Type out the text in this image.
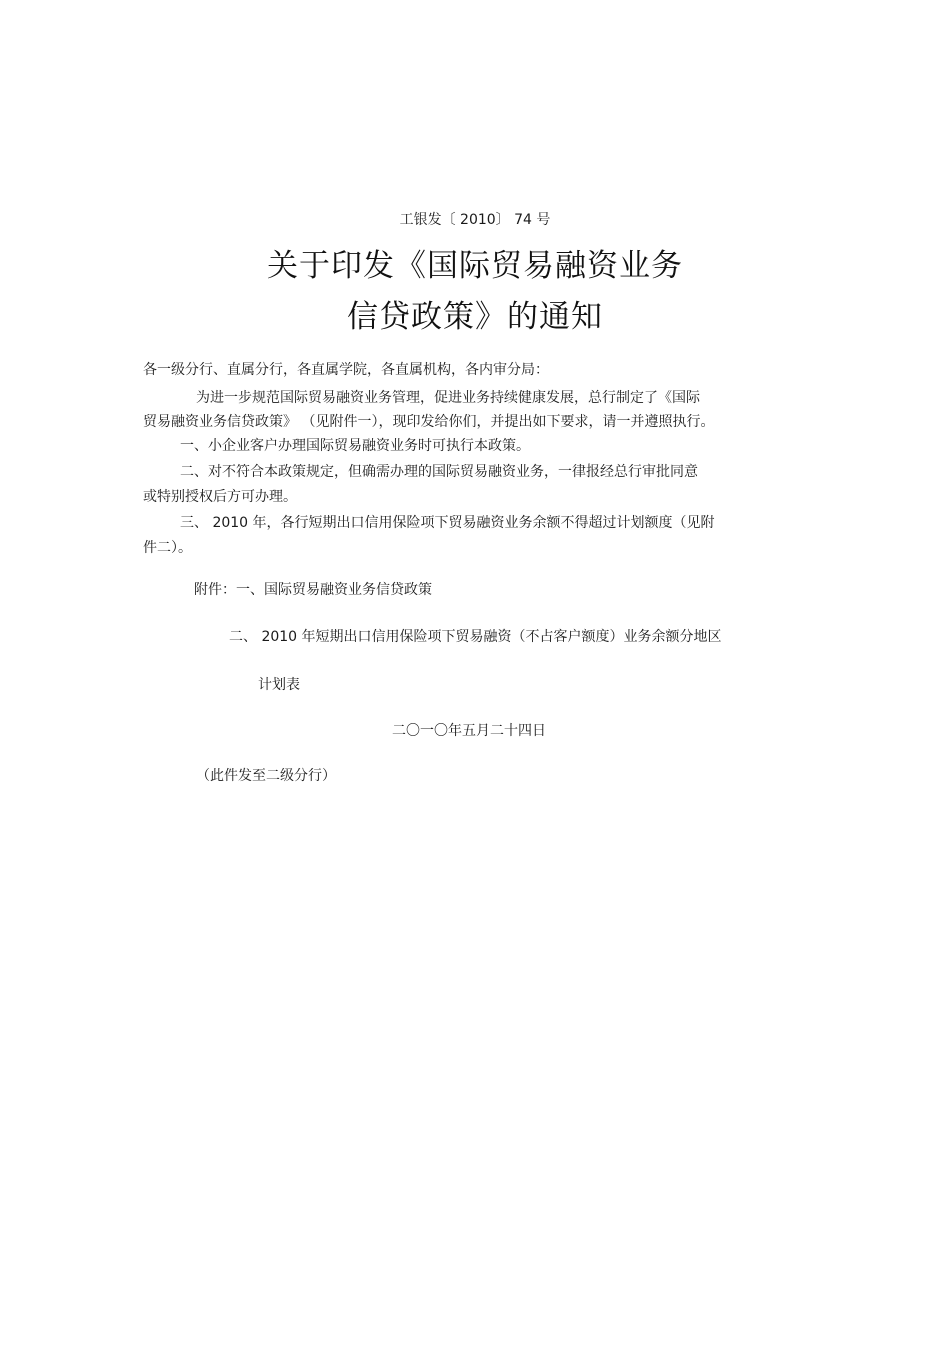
工银发〔 2010〕 74 号
关于印发《国际贸易融资业务
信贷政策》的通知
各一级分行、直属分行，各直属学院，各直属机构，各内审分局：
为进一步规范国际贸易融资业务管理，促进业务持续健康发展，总行制定了《国际
贸易融资业务信贷政策》 （见附件一），现印发给你们，并提出如下要求，请一并遵照执行。
一、小企业客户办理国际贸易融资业务时可执行本政策。
二、对不符合本政策规定，但确需办理的国际贸易融资业务，一律报经总行审批同意
或特别授权后方可办理。
三、 2010 年，各行短期出口信用保险项下贸易融资业务余额不得超过计划额度（见附
件二）。
附件：一、国际贸易融资业务信贷政策
二、 2010 年短期出口信用保险项下贸易融资（不占客户额度）业务余额分地区
计划表
二〇一〇年五月二十四日
（此件发至二级分行）
